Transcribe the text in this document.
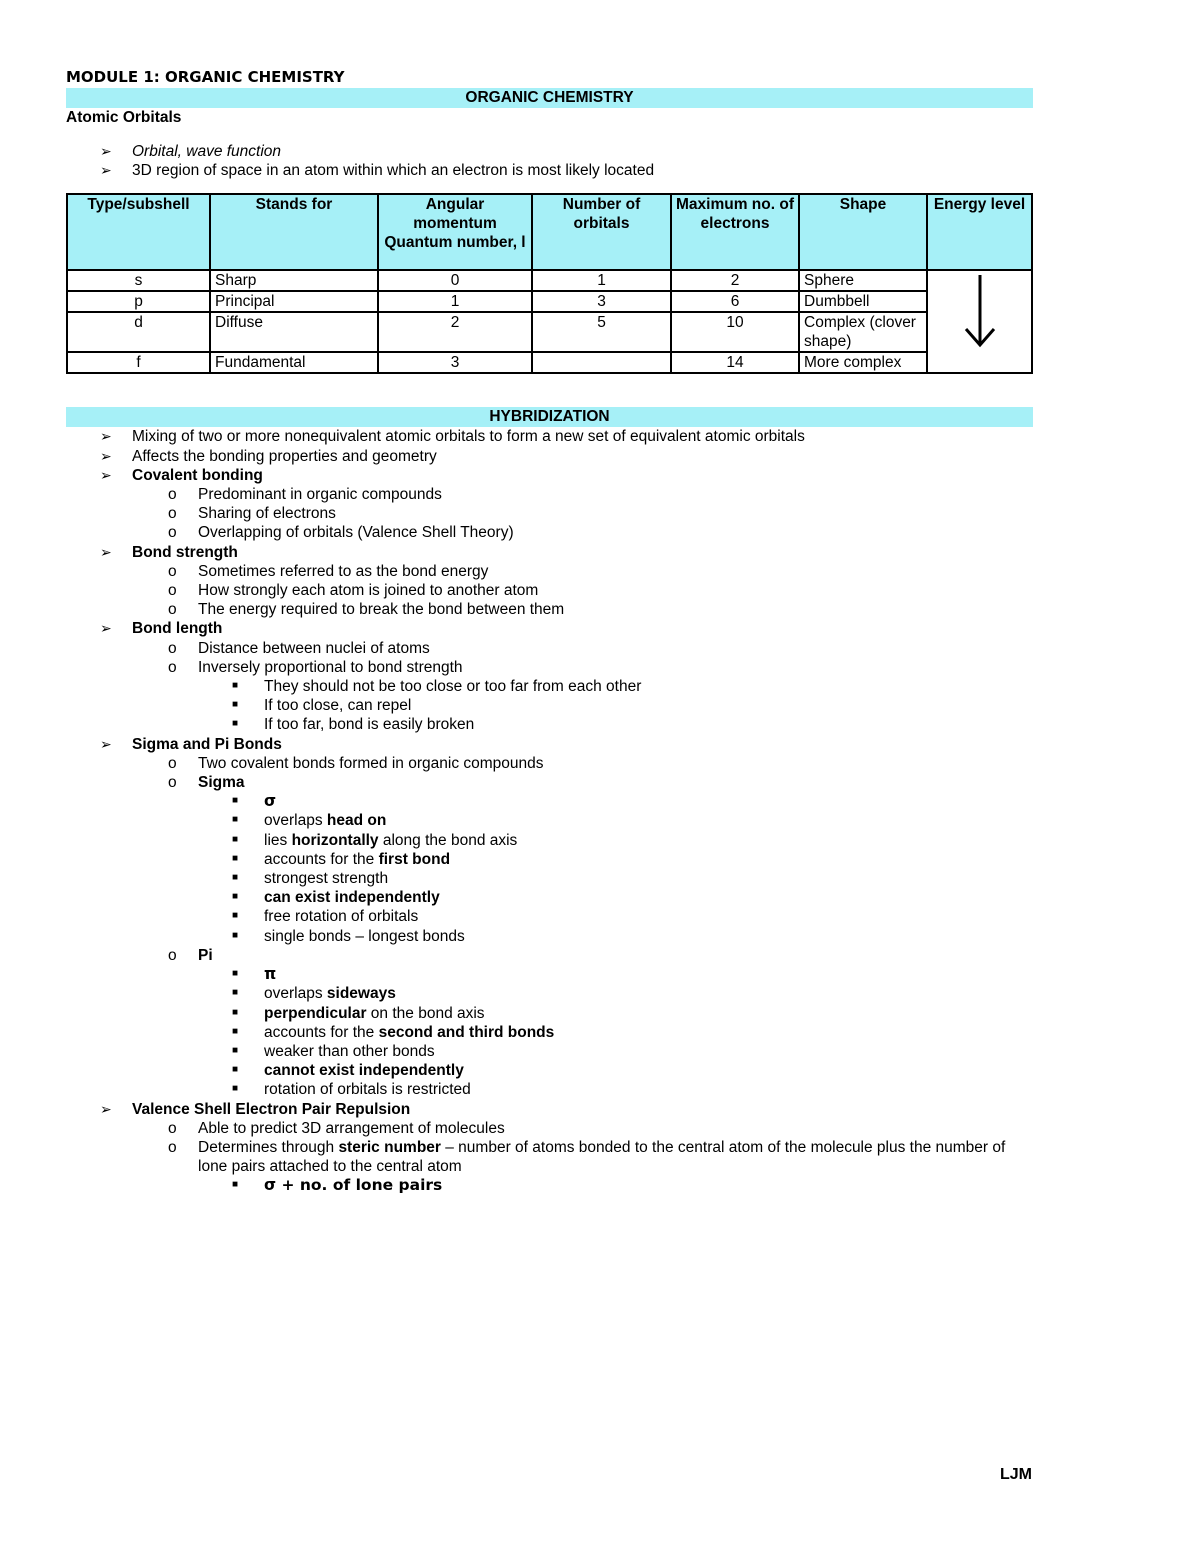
MODULE 1: ORGANIC CHEMISTRY
ORGANIC CHEMISTRY
Atomic Orbitals
➢ Orbital, wave function
➢ 3D region of space in an atom within which an electron is most likely located
Type/subshell	Stands for	Angular momentum Quantum number, l	Number of orbitals	Maximum no. of electrons	Shape	Energy level
s	Sharp	0	1	2	Sphere	
p	Principal	1	3	6	Dumbbell	
d	Diffuse	2	5	10	Complex (clover shape)	
f	Fundamental	3		14	More complex	
HYBRIDIZATION
➢ Mixing of two or more nonequivalent atomic orbitals to form a new set of equivalent atomic orbitals
➢ Affects the bonding properties and geometry
➢ Covalent bonding
o Predominant in organic compounds
o Sharing of electrons
o Overlapping of orbitals (Valence Shell Theory)
➢ Bond strength
o Sometimes referred to as the bond energy
o How strongly each atom is joined to another atom
o The energy required to break the bond between them
➢ Bond length
o Distance between nuclei of atoms
o Inversely proportional to bond strength
■ They should not be too close or too far from each other
■ If too close, can repel
■ If too far, bond is easily broken
➢ Sigma and Pi Bonds
o Two covalent bonds formed in organic compounds
o Sigma
■ σ
■ overlaps head on
■ lies horizontally along the bond axis
■ accounts for the first bond
■ strongest strength
■ can exist independently
■ free rotation of orbitals
■ single bonds – longest bonds
o Pi
■ π
■ overlaps sideways
■ perpendicular on the bond axis
■ accounts for the second and third bonds
■ weaker than other bonds
■ cannot exist independently
■ rotation of orbitals is restricted
➢ Valence Shell Electron Pair Repulsion
o Able to predict 3D arrangement of molecules
o Determines through steric number – number of atoms bonded to the central atom of the molecule plus the number of lone pairs attached to the central atom
■ σ + no. of lone pairs
LJM
